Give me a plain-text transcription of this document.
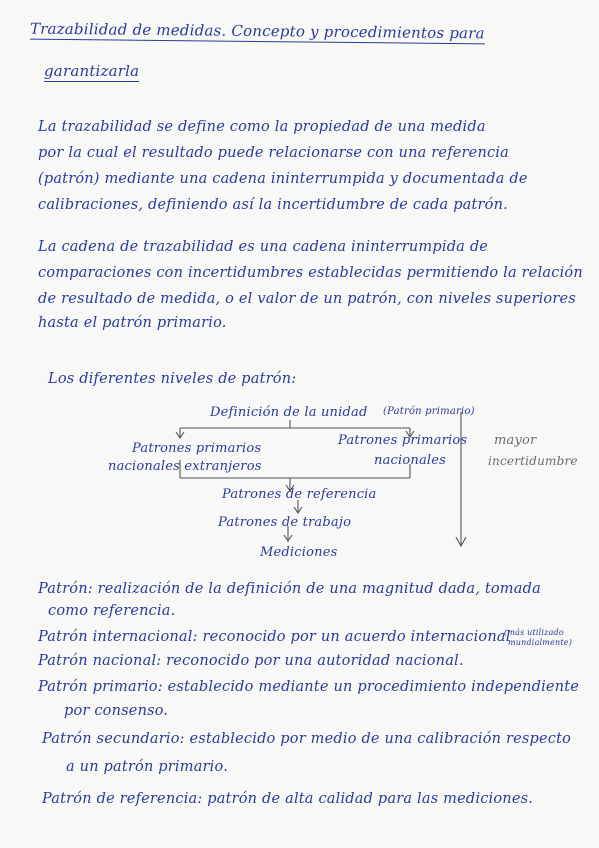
Trazabilidad de medidas. Concepto y procedimientos para
garantizarla
La trazabilidad se define como la propiedad de una medida
por la cual el resultado puede relacionarse con una referencia
(patrón) mediante una cadena ininterrumpida y documentada de
calibraciones, definiendo así la incertidumbre de cada patrón.
La cadena de trazabilidad es una cadena ininterrumpida de
comparaciones con incertidumbres establecidas permitiendo la relación
de resultado de medida, o el valor de un patrón, con niveles superiores
hasta el patrón primario.
Los diferentes niveles de patrón:
Definición de la unidad (Patrón primario)
Patrones primarios
nacionales extranjeros
Patrones primarios
nacionales
mayor
incertidumbre
Patrones de referencia
Patrones de trabajo
Mediciones
Patrón: realización de la definición de una magnitud dada, tomada
como referencia.
Patrón internacional: reconocido por un acuerdo internacional
(más utilizado
mundialmente)
Patrón nacional: reconocido por una autoridad nacional.
Patrón primario: establecido mediante un procedimiento independiente
por consenso.
Patrón secundario: establecido por medio de una calibración respecto
a un patrón primario.
Patrón de referencia: patrón de alta calidad para las mediciones.
